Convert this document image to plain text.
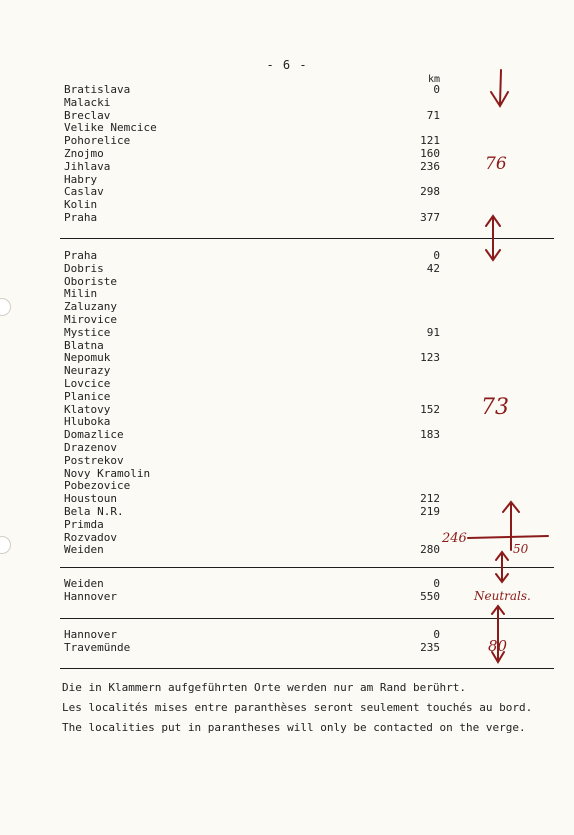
- 6 -
km
Bratislava	0
Malacki
Breclav	71
Velike Nemcice
Pohorelice	121
Znojmo	160
Jihlava	236
Habry
Caslav	298
Kolin
Praha	377
Praha	0
Dobris	42
Oboriste
Milin
Zaluzany
Mirovice
Mystice	91
Blatna
Nepomuk	123
Neurazy
Lovcice
Planice
Klatovy	152
Hluboka
Domazlice	183
Drazenov
Postrekov
Novy Kramolin
Pobezovice
Houstoun	212
Bela N.R.	219
Primda
Rozvadov
Weiden	280
Weiden	0
Hannover	550
Hannover	0
Travemünde	235

Die in Klammern aufgeführten Orte werden nur am Rand berührt.

Les localités mises entre paranthèses seront seulement touchés au bord.

The localities put in parantheses will only be contacted on the verge.

76
73
246
50
Neutrals.
80
